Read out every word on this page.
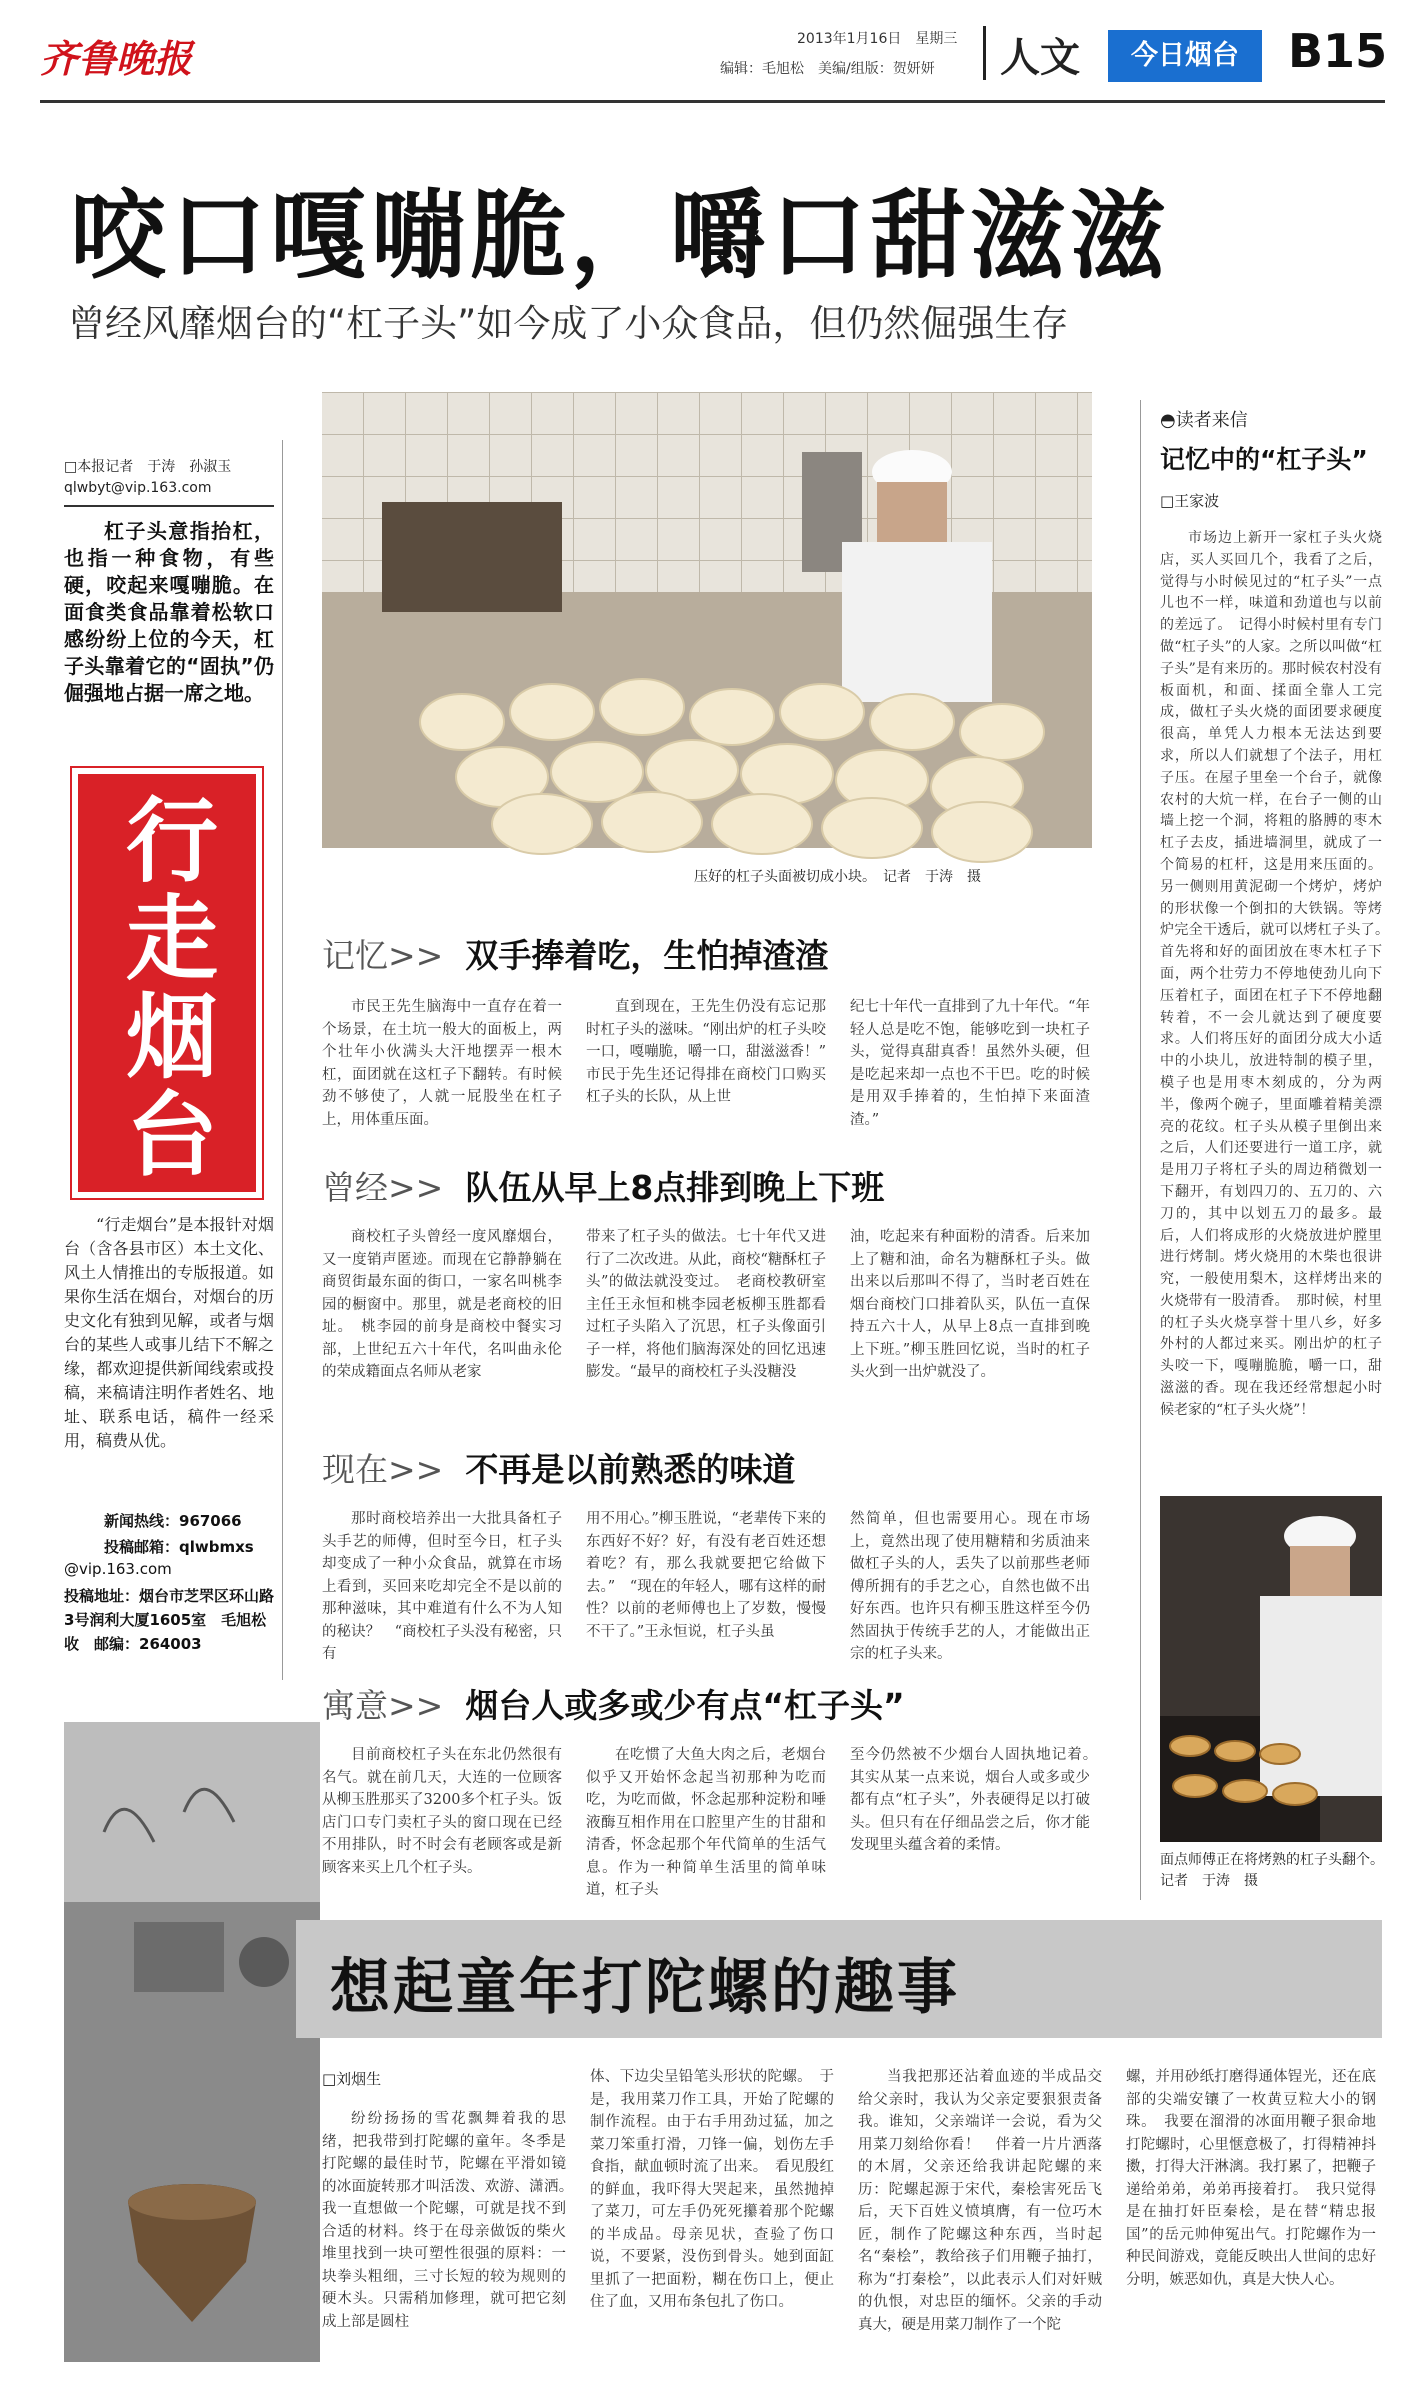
齐鲁晚报	2013年1月16日　 星期三
编辑：毛旭松　美编/组版：贺妍妍 人文	今日烟台	B15
咬口嘎嘣脆，嚼口甜滋滋
曾经风靡烟台的“杠子头”如今成了小众食品，但仍然倔强生存
□本报记者　于涛　孙淑玉
qlwbyt@vip.163.com
杠子头意指抬杠，也指一种食物，有些硬，咬起来嘎嘣脆。在面食类食品靠着松软口感纷纷上位的今天，杠子头靠着它的“固执”仍倔强地占据一席之地。
行走烟台
“行走烟台”是本报针对烟台（含各县市区）本土文化、风土人情推出的专版报道。如果你生活在烟台，对烟台的历史文化有独到见解，或者与烟台的某些人或事儿结下不解之缘，都欢迎提供新闻线索或投稿，来稿请注明作者姓名、地址、联系电话，稿件一经采用，稿费从优。
新闻热线：967066
投稿邮箱：qlwbmxs
@vip.163.com
投稿地址：烟台市芝罘区环山路3号润利大厦1605室　毛旭松　收　邮编：264003
压好的杠子头面被切成小块。　记者　于涛　摄
记忆>> 双手捧着吃，生怕掉渣渣
市民王先生脑海中一直存在着一个场景，在土坑一般大的面板上，两个壮年小伙满头大汗地摆弄一根木杠，面团就在这杠子下翻转。有时候劲不够使了，人就一屁股坐在杠子上，用体重压面。
直到现在，王先生仍没有忘记那时杠子头的滋味。“刚出炉的杠子头咬一口，嘎嘣脆，嚼一口，甜滋滋香！”　市民于先生还记得排在商校门口购买杠子头的长队，从上世
纪七十年代一直排到了九十年代。“年轻人总是吃不饱，能够吃到一块杠子头，觉得真甜真香！虽然外头硬，但是吃起来却一点也不干巴。吃的时候是用双手捧着的，生怕掉下来面渣渣。”
曾经>> 队伍从早上8点排到晚上下班
商校杠子头曾经一度风靡烟台，又一度销声匿迹。而现在它静静躺在商贸街最东面的街口，一家名叫桃李园的橱窗中。那里，就是老商校的旧址。　桃李园的前身是商校中餐实习部，上世纪五六十年代，名叫曲永伦的荣成籍面点名师从老家
带来了杠子头的做法。七十年代又进行了二次改进。从此，商校“糖酥杠子头”的做法就没变过。　老商校教研室主任王永恒和桃李园老板柳玉胜都看过杠子头陷入了沉思，杠子头像面引子一样，将他们脑海深处的回忆迅速膨发。“最早的商校杠子头没糖没
油，吃起来有种面粉的清香。后来加上了糖和油，命名为糖酥杠子头。做出来以后那叫不得了，当时老百姓在烟台商校门口排着队买，队伍一直保持五六十人，从早上8点一直排到晚上下班。”柳玉胜回忆说，当时的杠子头火到一出炉就没了。
现在>> 不再是以前熟悉的味道
那时商校培养出一大批具备杠子头手艺的师傅，但时至今日，杠子头却变成了一种小众食品，就算在市场上看到，买回来吃却完全不是以前的那种滋味，其中难道有什么不为人知的秘诀？　“商校杠子头没有秘密，只有
用不用心。”柳玉胜说，“老辈传下来的东西好不好？好，有没有老百姓还想着吃？有，那么我就要把它给做下去。”　“现在的年轻人，哪有这样的耐性？以前的老师傅也上了岁数，慢慢不干了。”王永恒说，杠子头虽
然简单，但也需要用心。现在市场上，竟然出现了使用糖精和劣质油来做杠子头的人，丢失了以前那些老师傅所拥有的手艺之心，自然也做不出好东西。也许只有柳玉胜这样至今仍然固执于传统手艺的人，才能做出正宗的杠子头来。
寓意>> 烟台人或多或少有点“杠子头”
目前商校杠子头在东北仍然很有名气。就在前几天，大连的一位顾客从柳玉胜那买了3200多个杠子头。饭店门口专门卖杠子头的窗口现在已经不用排队，时不时会有老顾客或是新顾客来买上几个杠子头。
在吃惯了大鱼大肉之后，老烟台似乎又开始怀念起当初那种为吃而吃，为吃而做，怀念起那种淀粉和唾液酶互相作用在口腔里产生的甘甜和清香，怀念起那个年代简单的生活气息。作为一种简单生活里的简单味道，杠子头
至今仍然被不少烟台人固执地记着。　其实从某一点来说，烟台人或多或少都有点“杠子头”，外表硬得足以打破头。但只有在仔细品尝之后，你才能发现里头蕴含着的柔情。
◓读者来信
记忆中的“杠子头”
□王家波
市场边上新开一家杠子头火烧店，买人买回几个，我看了之后，觉得与小时候见过的“杠子头”一点儿也不一样，味道和劲道也与以前的差远了。　记得小时候村里有专门做“杠子头”的人家。之所以叫做“杠子头”是有来历的。那时候农村没有板面机，和面、揉面全靠人工完成，做杠子头火烧的面团要求硬度很高，单凭人力根本无法达到要求，所以人们就想了个法子，用杠子压。在屋子里垒一个台子，就像农村的大炕一样，在台子一侧的山墙上挖一个洞，将粗的胳膊的枣木杠子去皮，插进墙洞里，就成了一个简易的杠杆，这是用来压面的。另一侧则用黄泥砌一个烤炉，烤炉的形状像一个倒扣的大铁锅。等烤炉完全干透后，就可以烤杠子头了。　首先将和好的面团放在枣木杠子下面，两个壮劳力不停地使劲儿向下压着杠子，面团在杠子下不停地翻转着，不一会儿就达到了硬度要求。人们将压好的面团分成大小适中的小块儿，放进特制的模子里，模子也是用枣木刻成的，分为两半，像两个碗子，里面雕着精美漂亮的花纹。杠子头从模子里倒出来之后，人们还要进行一道工序，就是用刀子将杠子头的周边稍微划一下翻开，有划四刀的、五刀的、六刀的，其中以划五刀的最多。最后，人们将成形的火烧放进炉膛里进行烤制。烤火烧用的木柴也很讲究，一般使用梨木，这样烤出来的火烧带有一股清香。　那时候，村里的杠子头火烧享誉十里八乡，好多外村的人都过来买。刚出炉的杠子头咬一下，嘎嘣脆脆，嚼一口，甜滋滋的香。现在我还经常想起小时候老家的“杠子头火烧”！
面点师傅正在将烤熟的杠子头翻个。　记者　于涛　摄
想起童年打陀螺的趣事
□刘烟生
纷纷扬扬的雪花飘舞着我的思绪，把我带到打陀螺的童年。冬季是打陀螺的最佳时节，陀螺在平滑如镜的冰面旋转那才叫活泼、欢游、潇洒。　我一直想做一个陀螺，可就是找不到合适的材料。终于在母亲做饭的柴火堆里找到一块可塑性很强的原料：一块拳头粗细，三寸长短的较为规则的硬木头。只需稍加修理，就可把它刻成上部是圆柱
体、下边尖呈铅笔头形状的陀螺。　于是，我用菜刀作工具，开始了陀螺的制作流程。由于右手用劲过猛，加之菜刀笨重打滑，刀锋一偏，划伤左手食指，献血顿时流了出来。　看见殷红的鲜血，我吓得大哭起来，虽然抛掉了菜刀，可左手仍死死攥着那个陀螺的半成品。母亲见状，查验了伤口说，不要紧，没伤到骨头。她到面缸里抓了一把面粉，糊在伤口上，便止住了血，又用布条包扎了伤口。
当我把那还沾着血迹的半成品交给父亲时，我认为父亲定要狠狠责备我。谁知，父亲端详一会说，看为父用菜刀刻给你看！　伴着一片片洒落的木屑，父亲还给我讲起陀螺的来历：陀螺起源于宋代，秦桧害死岳飞后，天下百姓义愤填膺，有一位巧木匠，制作了陀螺这种东西，当时起名“秦桧”，教给孩子们用鞭子抽打，称为“打秦桧”，以此表示人们对奸贼的仇恨，对忠臣的缅怀。父亲的手动真大，硬是用菜刀制作了一个陀
螺，并用砂纸打磨得通体锃光，还在底部的尖端安镶了一枚黄豆粒大小的钢珠。　我要在溜滑的冰面用鞭子狠命地打陀螺时，心里惬意极了，打得精神抖擞，打得大汗淋漓。我打累了，把鞭子递给弟弟，弟弟再接着打。　我只觉得是在抽打奸臣秦桧，是在替“精忠报国”的岳元帅伸冤出气。打陀螺作为一种民间游戏，竟能反映出人世间的忠好分明，嫉恶如仇，真是大快人心。
